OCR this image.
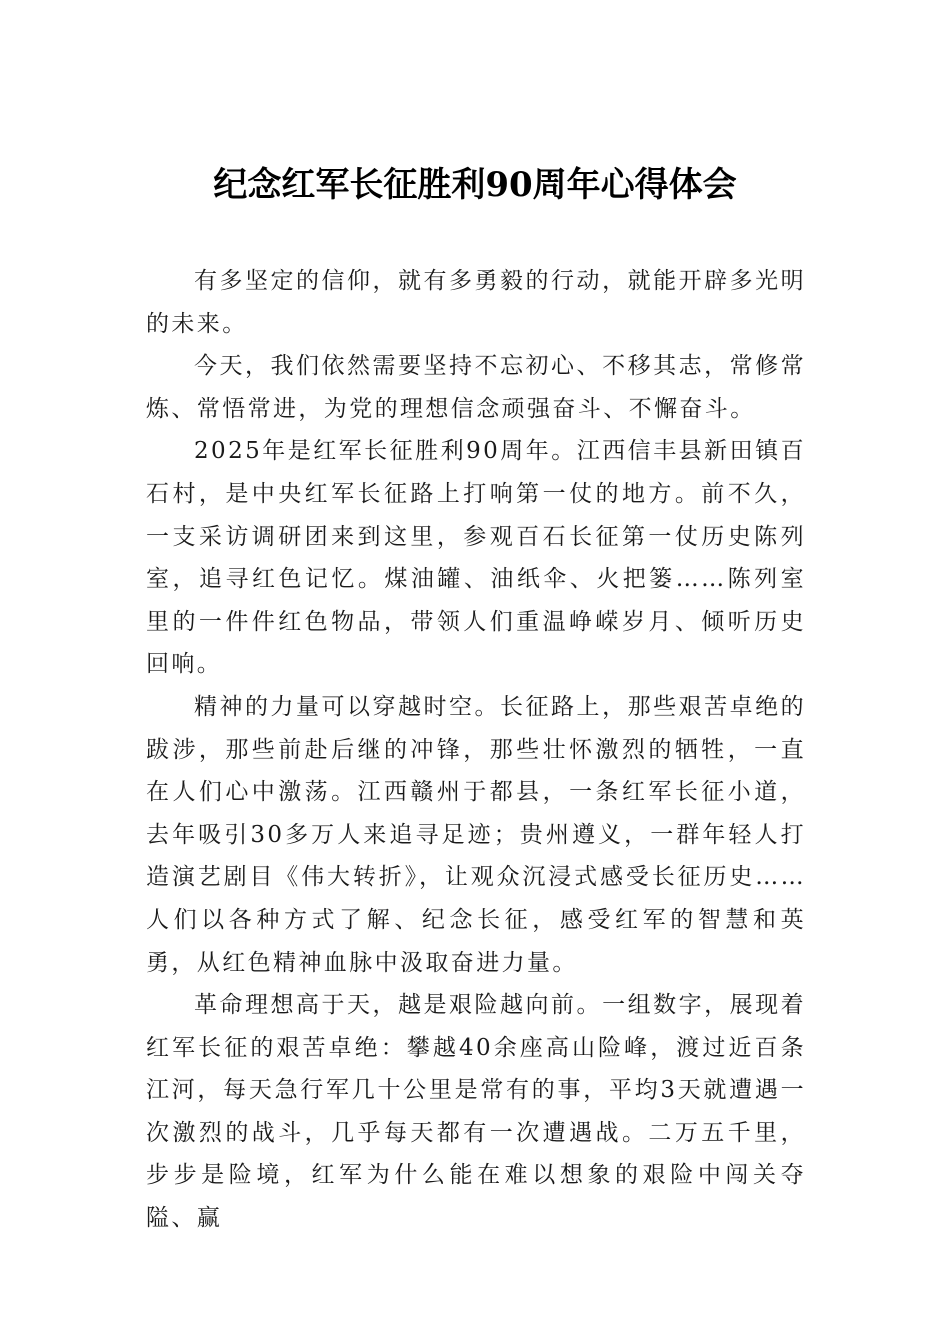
纪念红军长征胜利90周年心得体会

有多坚定的信仰，就有多勇毅的行动，就能开辟多光明的未来。

今天，我们依然需要坚持不忘初心、不移其志，常修常炼、常悟常进，为党的理想信念顽强奋斗、不懈奋斗。

2025年是红军长征胜利90周年。江西信丰县新田镇百石村，是中央红军长征路上打响第一仗的地方。前不久，一支采访调研团来到这里，参观百石长征第一仗历史陈列室，追寻红色记忆。煤油罐、油纸伞、火把篓……陈列室里的一件件红色物品，带领人们重温峥嵘岁月、倾听历史回响。

精神的力量可以穿越时空。长征路上，那些艰苦卓绝的跋涉，那些前赴后继的冲锋，那些壮怀激烈的牺牲，一直在人们心中激荡。江西赣州于都县，一条红军长征小道，去年吸引30多万人来追寻足迹；贵州遵义，一群年轻人打造演艺剧目《伟大转折》，让观众沉浸式感受长征历史……人们以各种方式了解、纪念长征，感受红军的智慧和英勇，从红色精神血脉中汲取奋进力量。

革命理想高于天，越是艰险越向前。一组数字，展现着红军长征的艰苦卓绝：攀越40余座高山险峰，渡过近百条江河，每天急行军几十公里是常有的事，平均3天就遭遇一次激烈的战斗，几乎每天都有一次遭遇战。二万五千里，步步是险境，红军为什么能在难以想象的艰险中闯关夺隘、赢
